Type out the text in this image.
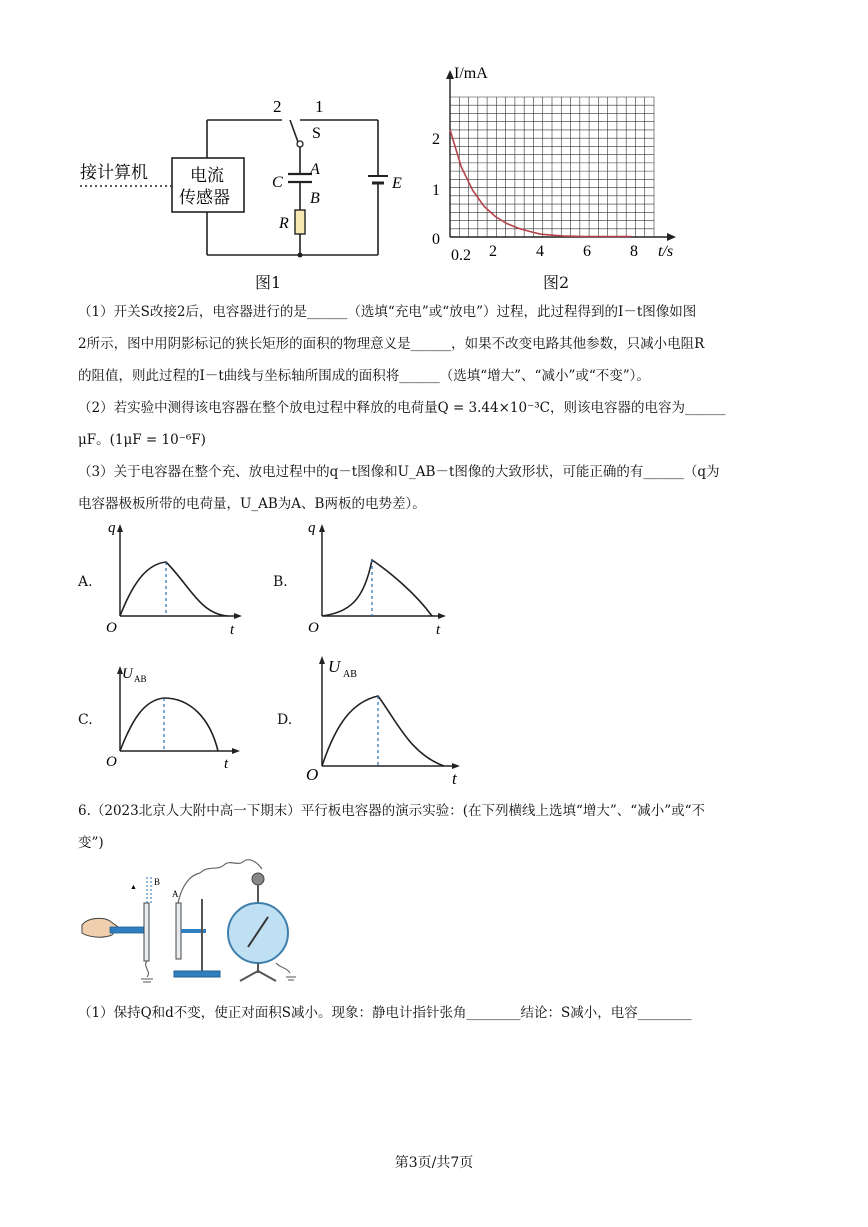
接计算机 电流
传感器
2 1
S
A
C
B
R
E
图1
I/mA
t/s
2
1
0
0.2 2 4 6 8
图2
（1）开关S改接2后，电容器进行的是______（选填“充电”或“放电”）过程，此过程得到的I－t图像如图
2所示，图中用阴影标记的狭长矩形的面积的物理意义是______，如果不改变电路其他参数，只减小电阻R
的阻值，则此过程的I－t曲线与坐标轴所围成的面积将______（选填“增大”、“减小”或“不变”）。
（2）若实验中测得该电容器在整个放电过程中释放的电荷量Q = 3.44×10⁻³C，则该电容器的电容为______
μF。(1μF = 10⁻⁶F)
（3）关于电容器在整个充、放电过程中的q－t图像和U_AB－t图像的大致形状，可能正确的有______（q为
电容器极板所带的电荷量，U_AB为A、B两板的电势差）。
A.
q
O	t
B.
q
O	t
C.
U AB
O	t
D.
U AB
O	t
6.（2023北京人大附中高一下期末）平行板电容器的演示实验：(在下列横线上选填“增大”、“减小”或“不
变”)
B
▲
A
（1）保持Q和d不变，使正对面积S减小。现象：静电计指针张角________结论：S减小，电容________
第3页/共7页
